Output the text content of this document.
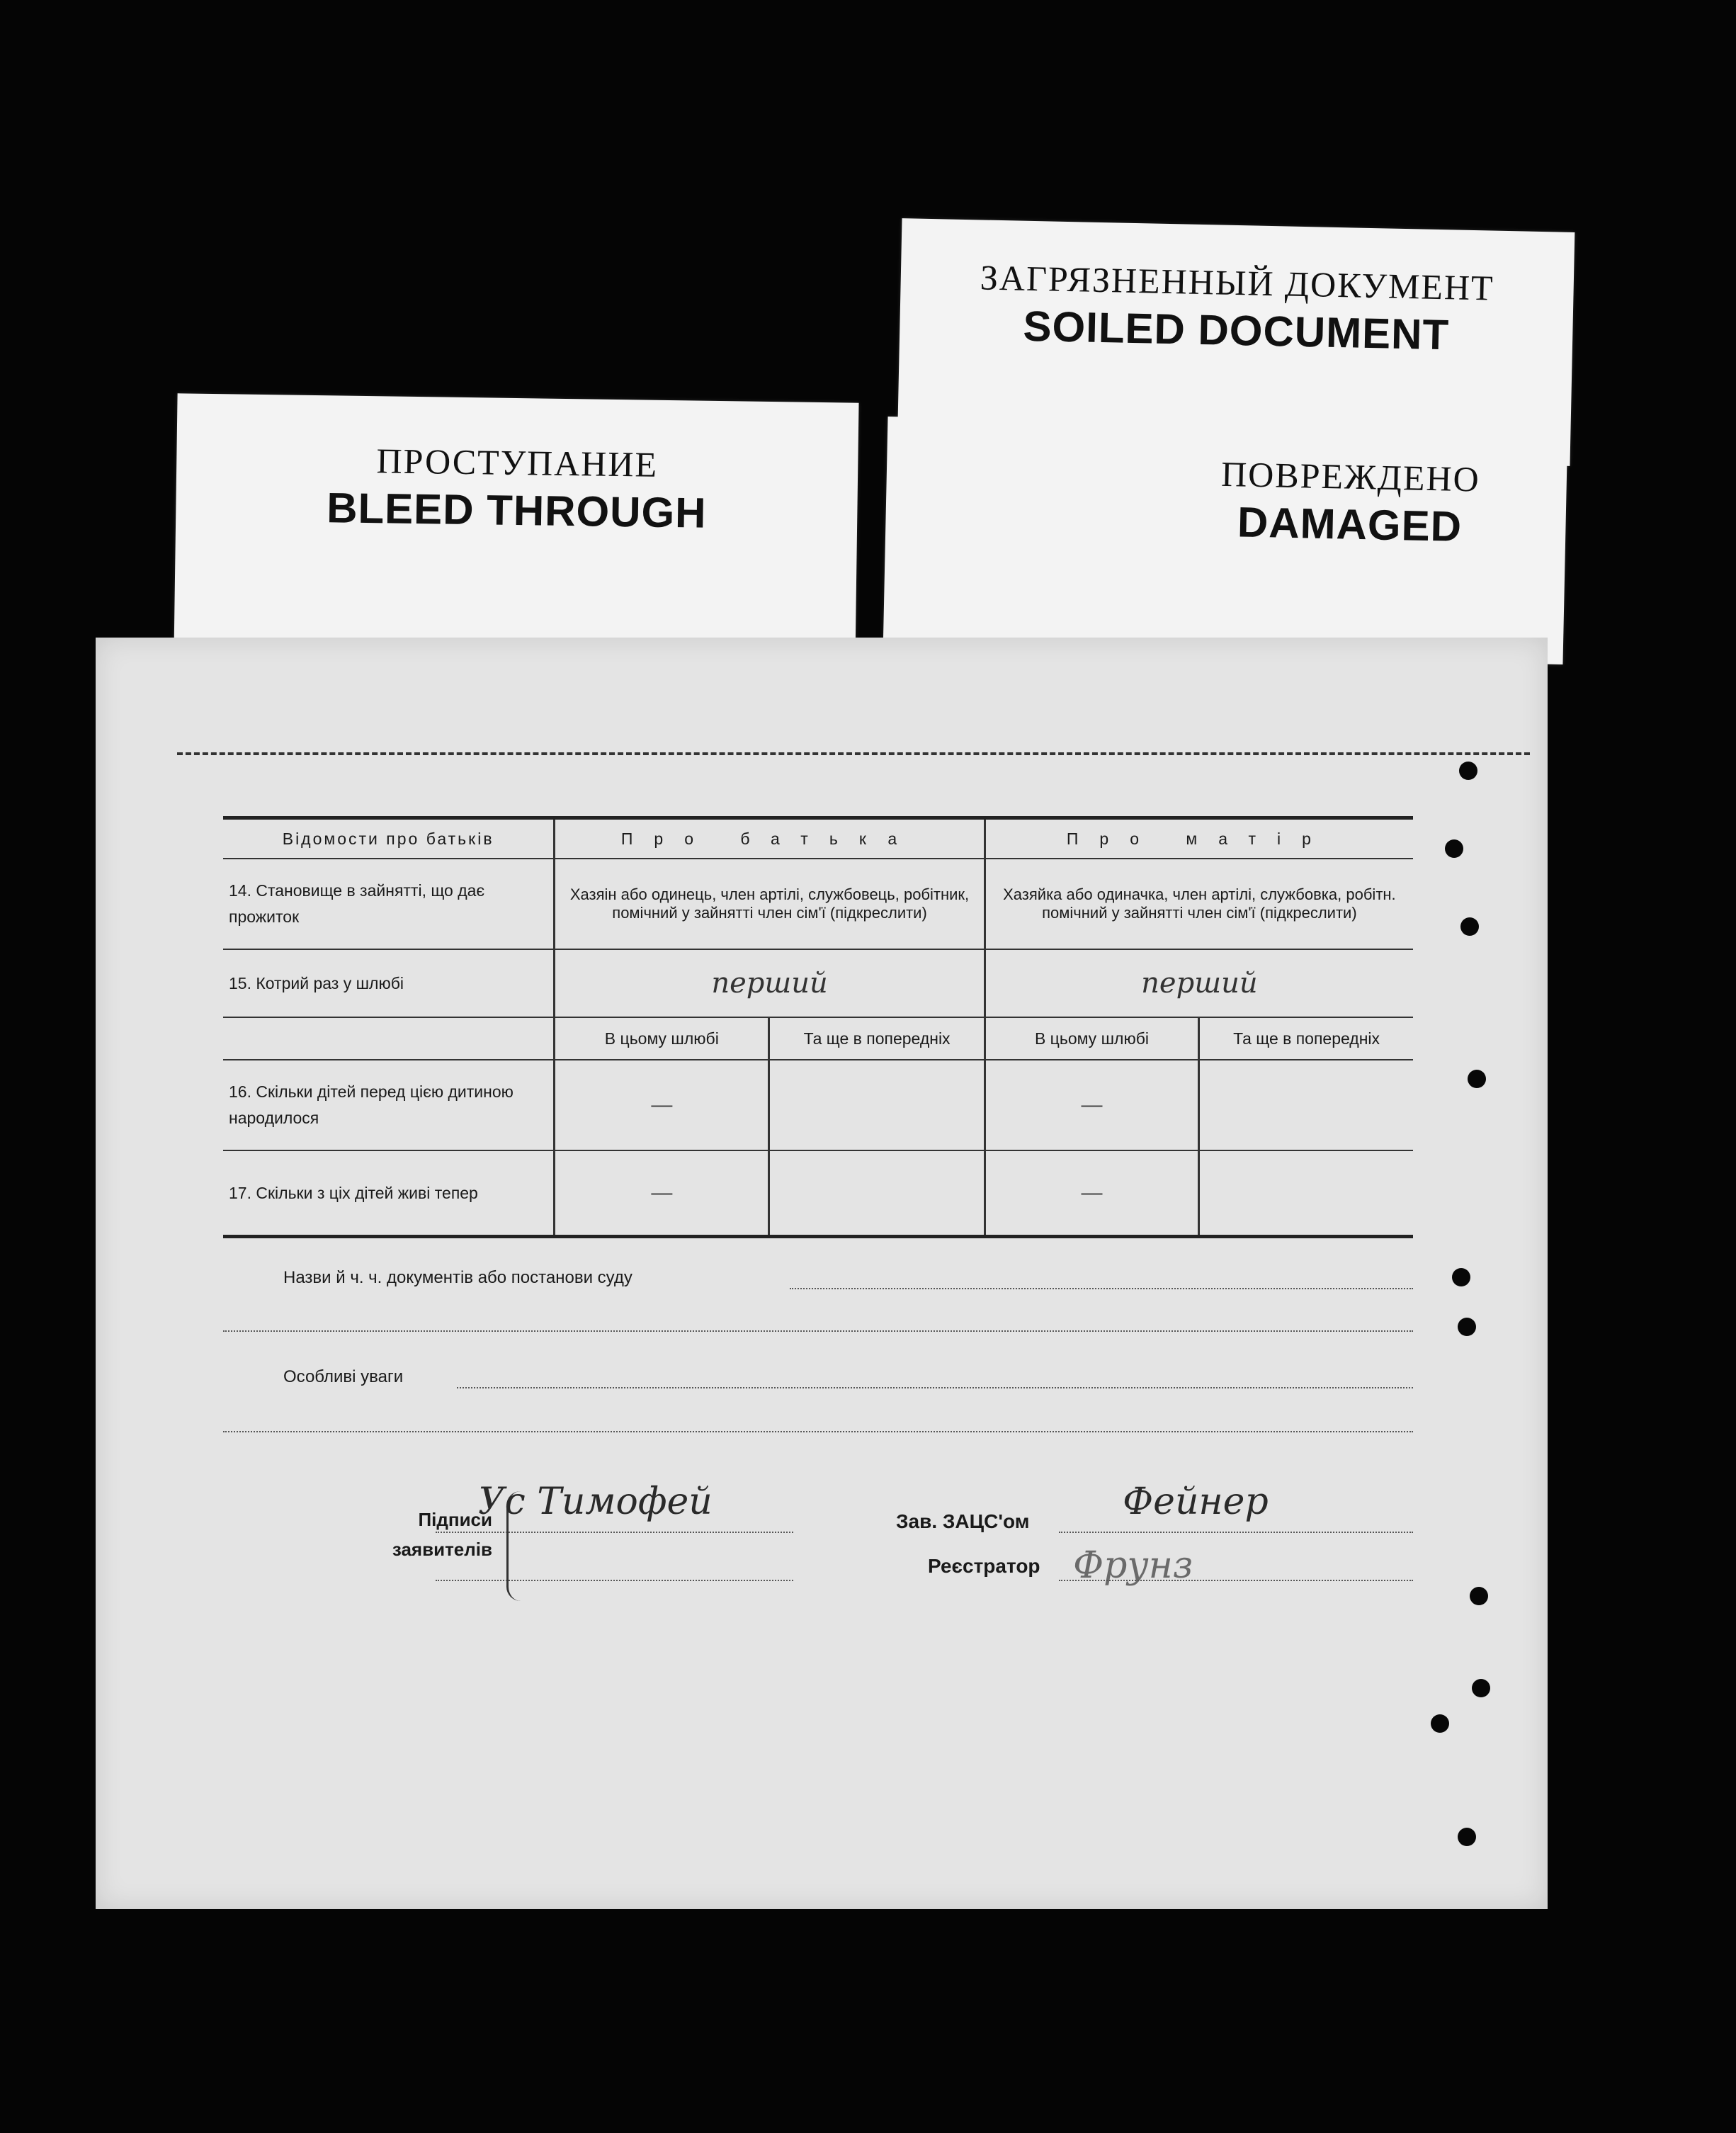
ЗАГРЯЗНЕННЫЙ ДОКУМЕНТ
SOILED DOCUMENT
ПОВРЕЖДЕНО
DAMAGED
ПРОСТУПАНИЕ
BLEED THROUGH
Відомости про батьків	Про батька		Про матір	
14. Становище в зайнятті, що дає прожиток	Хазяін або одинець, член артілі, службовець, робітник, помічний у зайнятті член сім'ї (підкреслити)		Хазяйка або одиначка, член артілі, службовка, робітн. помічний у зайнятті член сім'ї (підкреслити)	
15. Котрий раз у шлюбі	перший		перший	
	В цьому шлюбі	Та ще в попередніх	В цьому шлюбі	Та ще в попередніх
16. Скільки дітей перед цією дитиною народилося	—		—	
17. Скільки з ціх дітей живі тепер	—		—	
Назви й ч. ч. документів або постанови суду
Особливі уваги
Підписи
заявителів
Ус Тимофей	Зав. ЗАЦС'ом	Фейнер
Реєстратор Фрунз
